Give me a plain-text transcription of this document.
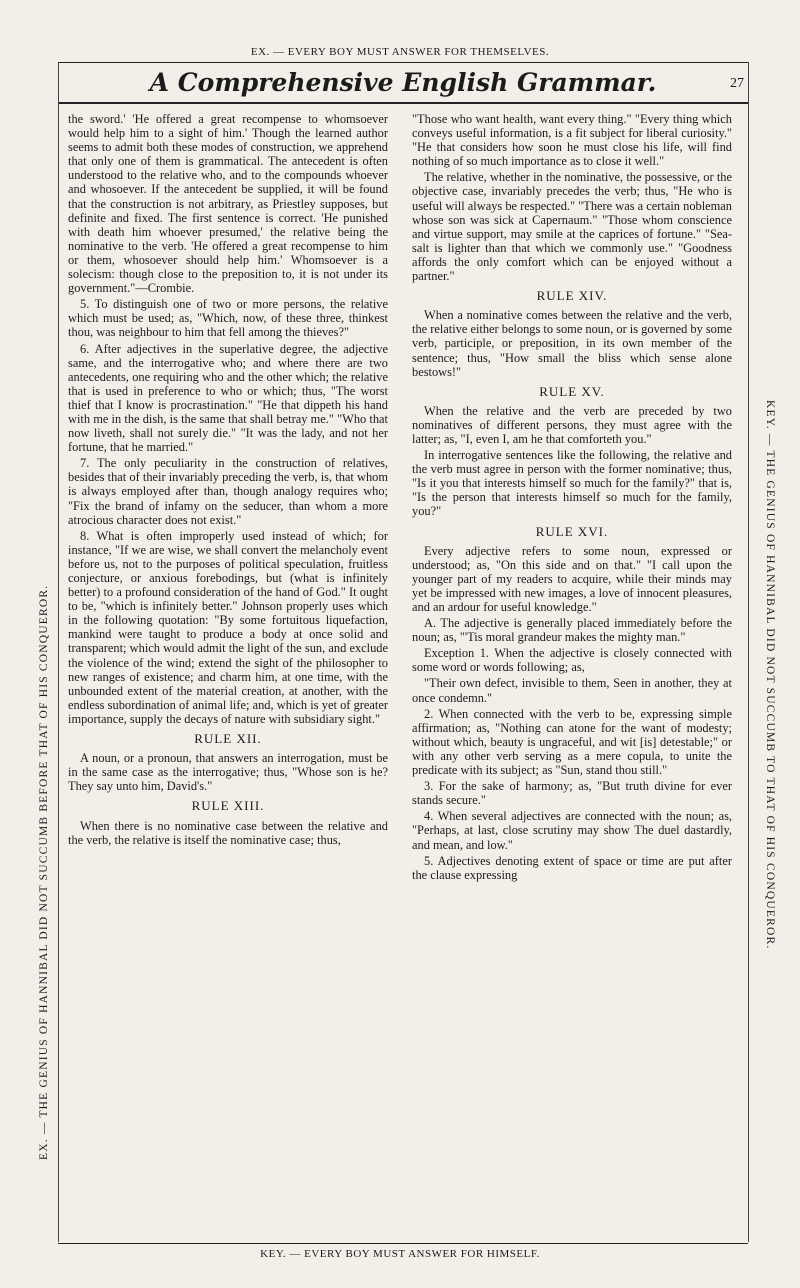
EX. — EVERY BOY MUST ANSWER FOR THEMSELVES.
A Comprehensive English Grammar.	27
EX. — THE GENIUS OF HANNIBAL DID NOT SUCCUMB BEFORE THAT OF HIS CONQUEROR.	KEY. — THE GENIUS OF HANNIBAL DID NOT SUCCUMB TO THAT OF HIS CONQUEROR.

the sword.' 'He offered a great recompense to whomsoever would help him to a sight of him.' Though the learned author seems to admit both these modes of construction, we apprehend that only one of them is grammatical. The antecedent is often understood to the relative who, and to the compounds whoever and whosoever. If the antecedent be supplied, it will be found that the construction is not arbitrary, as Priestley supposes, but definite and fixed. The first sentence is correct. 'He punished with death him whoever presumed,' the relative being the nominative to the verb. 'He offered a great recompense to him or them, whosoever should help him.' Whomsoever is a solecism: though close to the preposition to, it is not under its government."—Crombie.

5. To distinguish one of two or more persons, the relative which must be used; as, "Which, now, of these three, thinkest thou, was neighbour to him that fell among the thieves?"

6. After adjectives in the superlative degree, the adjective same, and the interrogative who; and where there are two antecedents, one requiring who and the other which; the relative that is used in preference to who or which; thus, "The worst thief that I know is procrastination." "He that dippeth his hand with me in the dish, is the same that shall betray me." "Who that now liveth, shall not surely die." "It was the lady, and not her fortune, that he married."

7. The only peculiarity in the construction of relatives, besides that of their invariably preceding the verb, is, that whom is always employed after than, though analogy requires who; "Fix the brand of infamy on the seducer, than whom a more atrocious character does not exist."

8. What is often improperly used instead of which; for instance, "If we are wise, we shall convert the melancholy event before us, not to the purposes of political speculation, fruitless conjecture, or anxious forebodings, but (what is infinitely better) to a profound consideration of the hand of God." It ought to be, "which is infinitely better." Johnson properly uses which in the following quotation: "By some fortuitous liquefaction, mankind were taught to produce a body at once solid and transparent; which would admit the light of the sun, and exclude the violence of the wind; extend the sight of the philosopher to new ranges of existence; and charm him, at one time, with the unbounded extent of the material creation, at another, with the endless subordination of animal life; and, which is yet of greater importance, supply the decays of nature with subsidiary sight."

RULE XII.

A noun, or a pronoun, that answers an interrogation, must be in the same case as the interrogative; thus, "Whose son is he? They say unto him, David's."

RULE XIII.

When there is no nominative case between the relative and the verb, the relative is itself the nominative case; thus,

"Those who want health, want every thing." "Every thing which conveys useful information, is a fit subject for liberal curiosity." "He that considers how soon he must close his life, will find nothing of so much importance as to close it well."

The relative, whether in the nominative, the possessive, or the objective case, invariably precedes the verb; thus, "He who is useful will always be respected." "There was a certain nobleman whose son was sick at Capernaum." "Those whom conscience and virtue support, may smile at the caprices of fortune." "Sea-salt is lighter than that which we commonly use." "Goodness affords the only comfort which can be enjoyed without a partner."

RULE XIV.

When a nominative comes between the relative and the verb, the relative either belongs to some noun, or is governed by some verb, participle, or preposition, in its own member of the sentence; thus, "How small the bliss which sense alone bestows!"

RULE XV.

When the relative and the verb are preceded by two nominatives of different persons, they must agree with the latter; as, "I, even I, am he that comforteth you."

In interrogative sentences like the following, the relative and the verb must agree in person with the former nominative; thus, "Is it you that interests himself so much for the family?" that is, "Is the person that interests himself so much for the family, you?"

RULE XVI.

Every adjective refers to some noun, expressed or understood; as, "On this side and on that." "I call upon the younger part of my readers to acquire, while their minds may yet be impressed with new images, a love of innocent pleasures, and an ardour for useful knowledge."

A. The adjective is generally placed immediately before the noun; as, "'Tis moral grandeur makes the mighty man."

Exception 1. When the adjective is closely connected with some word or words following; as,

"Their own defect, invisible to them, Seen in another, they at once condemn."

2. When connected with the verb to be, expressing simple affirmation; as, "Nothing can atone for the want of modesty; without which, beauty is ungraceful, and wit [is] detestable;" or with any other verb serving as a mere copula, to unite the predicate with its subject; as "Sun, stand thou still."

3. For the sake of harmony; as, "But truth divine for ever stands secure."

4. When several adjectives are connected with the noun; as, "Perhaps, at last, close scrutiny may show The duel dastardly, and mean, and low."

5. Adjectives denoting extent of space or time are put after the clause expressing

KEY. — EVERY BOY MUST ANSWER FOR HIMSELF.
